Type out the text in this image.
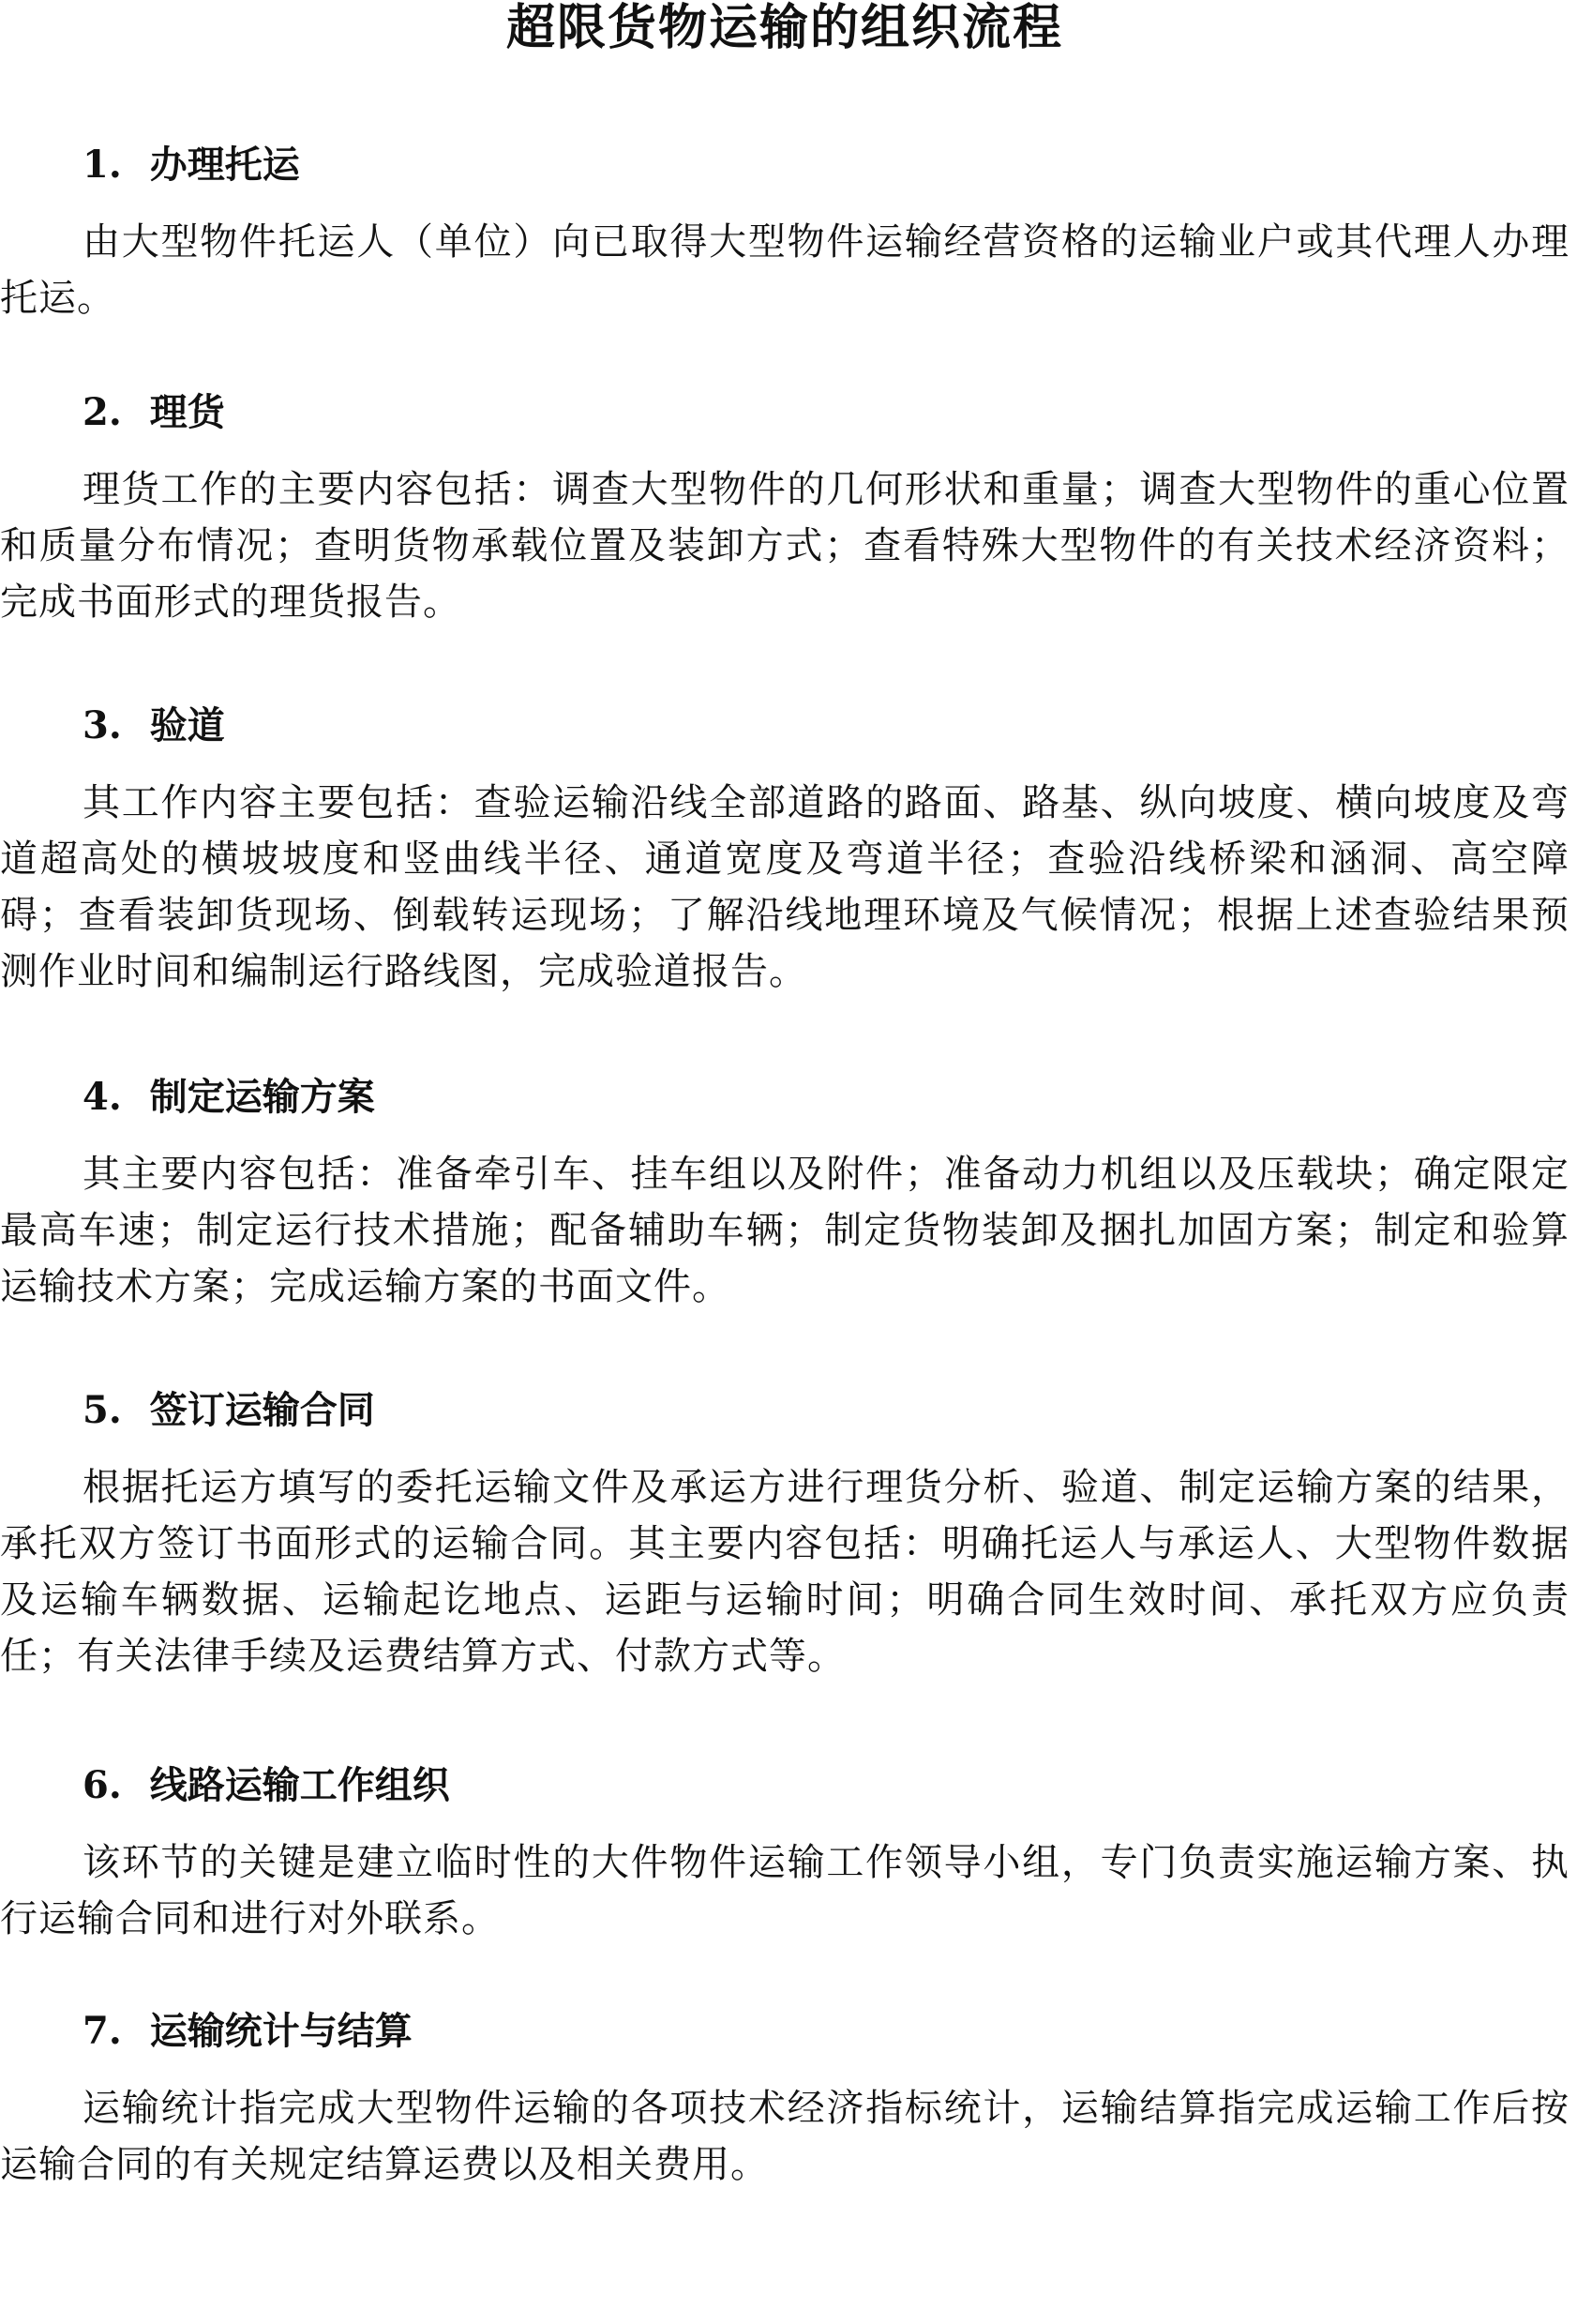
超限货物运输的组织流程
1. 办理托运

由大型物件托运人（单位）向已取得大型物件运输经营资格的运输业户或其代理人办理托运。

2. 理货

理货工作的主要内容包括：调查大型物件的几何形状和重量；调查大型物件的重心位置和质量分布情况；查明货物承载位置及装卸方式；查看特殊大型物件的有关技术经济资料；完成书面形式的理货报告。

3. 验道

其工作内容主要包括：查验运输沿线全部道路的路面、路基、纵向坡度、横向坡度及弯道超高处的横坡坡度和竖曲线半径、通道宽度及弯道半径；查验沿线桥梁和涵洞、高空障碍；查看装卸货现场、倒载转运现场；了解沿线地理环境及气候情况；根据上述查验结果预测作业时间和编制运行路线图，完成验道报告。

4. 制定运输方案

其主要内容包括：准备牵引车、挂车组以及附件；准备动力机组以及压载块；确定限定最高车速；制定运行技术措施；配备辅助车辆；制定货物装卸及捆扎加固方案；制定和验算运输技术方案；完成运输方案的书面文件。

5. 签订运输合同

根据托运方填写的委托运输文件及承运方进行理货分析、验道、制定运输方案的结果，承托双方签订书面形式的运输合同。其主要内容包括：明确托运人与承运人、大型物件数据及运输车辆数据、运输起讫地点、运距与运输时间；明确合同生效时间、承托双方应负责任；有关法律手续及运费结算方式、付款方式等。

6. 线路运输工作组织

该环节的关键是建立临时性的大件物件运输工作领导小组，专门负责实施运输方案、执行运输合同和进行对外联系。

7. 运输统计与结算

运输统计指完成大型物件运输的各项技术经济指标统计，运输结算指完成运输工作后按运输合同的有关规定结算运费以及相关费用。
